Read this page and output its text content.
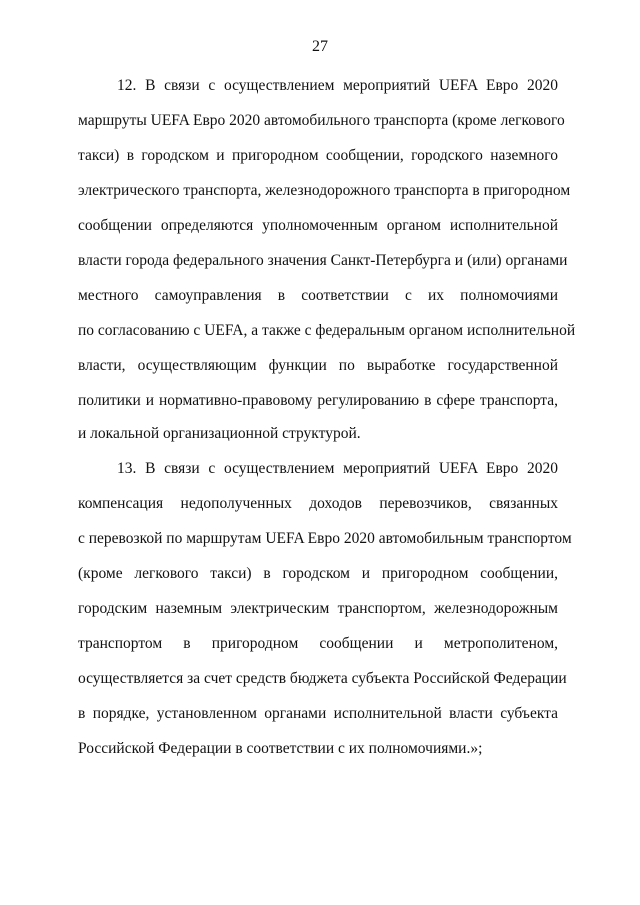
27
12. В связи с осуществлением мероприятий UEFA Евро 2020
маршруты UEFA Евро 2020 автомобильного транспорта (кроме легкового
такси) в городском и пригородном сообщении, городского наземного
электрического транспорта, железнодорожного транспорта в пригородном
сообщении определяются уполномоченным органом исполнительной
власти города федерального значения Санкт-Петербурга и (или) органами
местного самоуправления в соответствии с их полномочиями
по согласованию с UEFA, а также с федеральным органом исполнительной
власти, осуществляющим функции по выработке государственной
политики и нормативно-правовому регулированию в сфере транспорта,
и локальной организационной структурой.
13. В связи с осуществлением мероприятий UEFA Евро 2020
компенсация недополученных доходов перевозчиков, связанных
с перевозкой по маршрутам UEFA Евро 2020 автомобильным транспортом
(кроме легкового такси) в городском и пригородном сообщении,
городским наземным электрическим транспортом, железнодорожным
транспортом в пригородном сообщении и метрополитеном,
осуществляется за счет средств бюджета субъекта Российской Федерации
в порядке, установленном органами исполнительной власти субъекта
Российской Федерации в соответствии с их полномочиями.»;
